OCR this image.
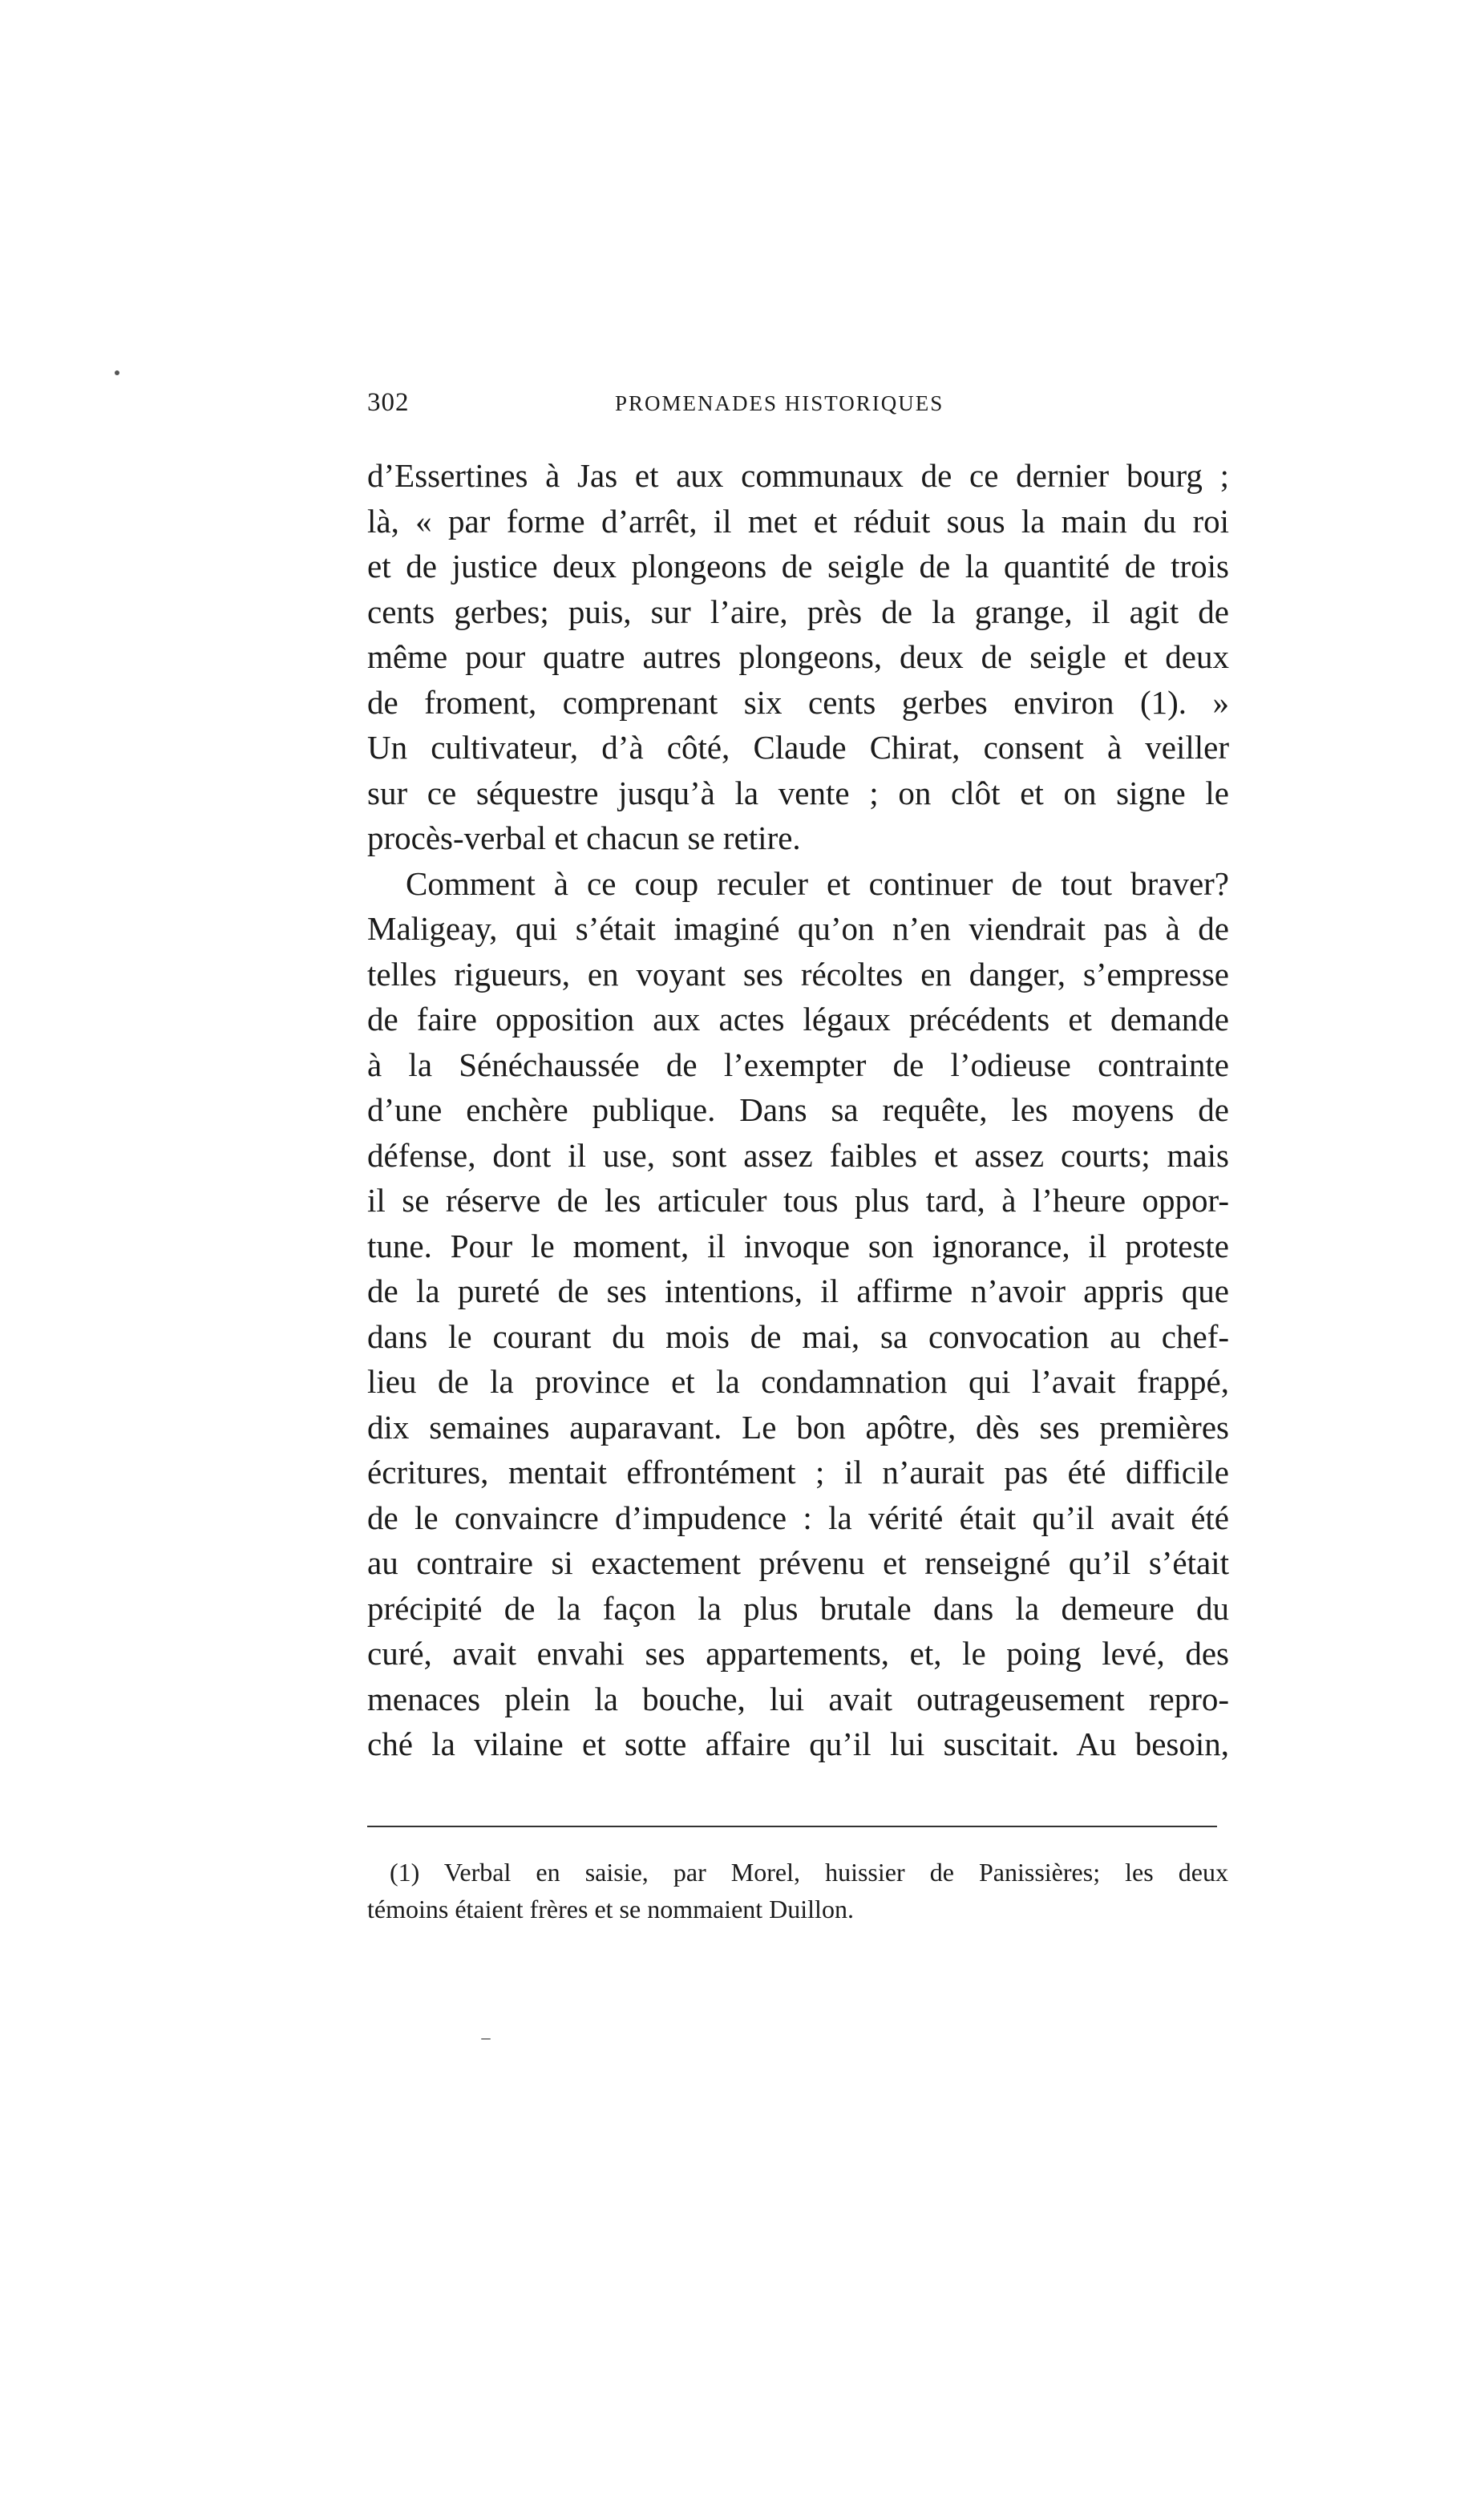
302	PROMENADES HISTORIQUES
d’Essertines à Jas et aux communaux de ce dernier bourg ;
là, « par forme d’arrêt, il met et réduit sous la main du roi
et de justice deux plongeons de seigle de la quantité de trois
cents gerbes; puis, sur l’aire, près de la grange, il agit de
même pour quatre autres plongeons, deux de seigle et deux
de froment, comprenant six cents gerbes environ (1). »
Un cultivateur, d’à côté, Claude Chirat, consent à veiller
sur ce séquestre jusqu’à la vente ; on clôt et on signe le
procès-verbal et chacun se retire.
Comment à ce coup reculer et continuer de tout braver?
Maligeay, qui s’était imaginé qu’on n’en viendrait pas à de
telles rigueurs, en voyant ses récoltes en danger, s’empresse
de faire opposition aux actes légaux précédents et demande
à la Sénéchaussée de l’exempter de l’odieuse contrainte
d’une enchère publique. Dans sa requête, les moyens de
défense, dont il use, sont assez faibles et assez courts; mais
il se réserve de les articuler tous plus tard, à l’heure oppor-
tune. Pour le moment, il invoque son ignorance, il proteste
de la pureté de ses intentions, il affirme n’avoir appris que
dans le courant du mois de mai, sa convocation au chef-
lieu de la province et la condamnation qui l’avait frappé,
dix semaines auparavant. Le bon apôtre, dès ses premières
écritures, mentait effrontément ; il n’aurait pas été difficile
de le convaincre d’impudence : la vérité était qu’il avait été
au contraire si exactement prévenu et renseigné qu’il s’était
précipité de la façon la plus brutale dans la demeure du
curé, avait envahi ses appartements, et, le poing levé, des
menaces plein la bouche, lui avait outrageusement repro-
ché la vilaine et sotte affaire qu’il lui suscitait. Au besoin,
(1) Verbal en saisie, par Morel, huissier de Panissières; les deux
témoins étaient frères et se nommaient Duillon.
